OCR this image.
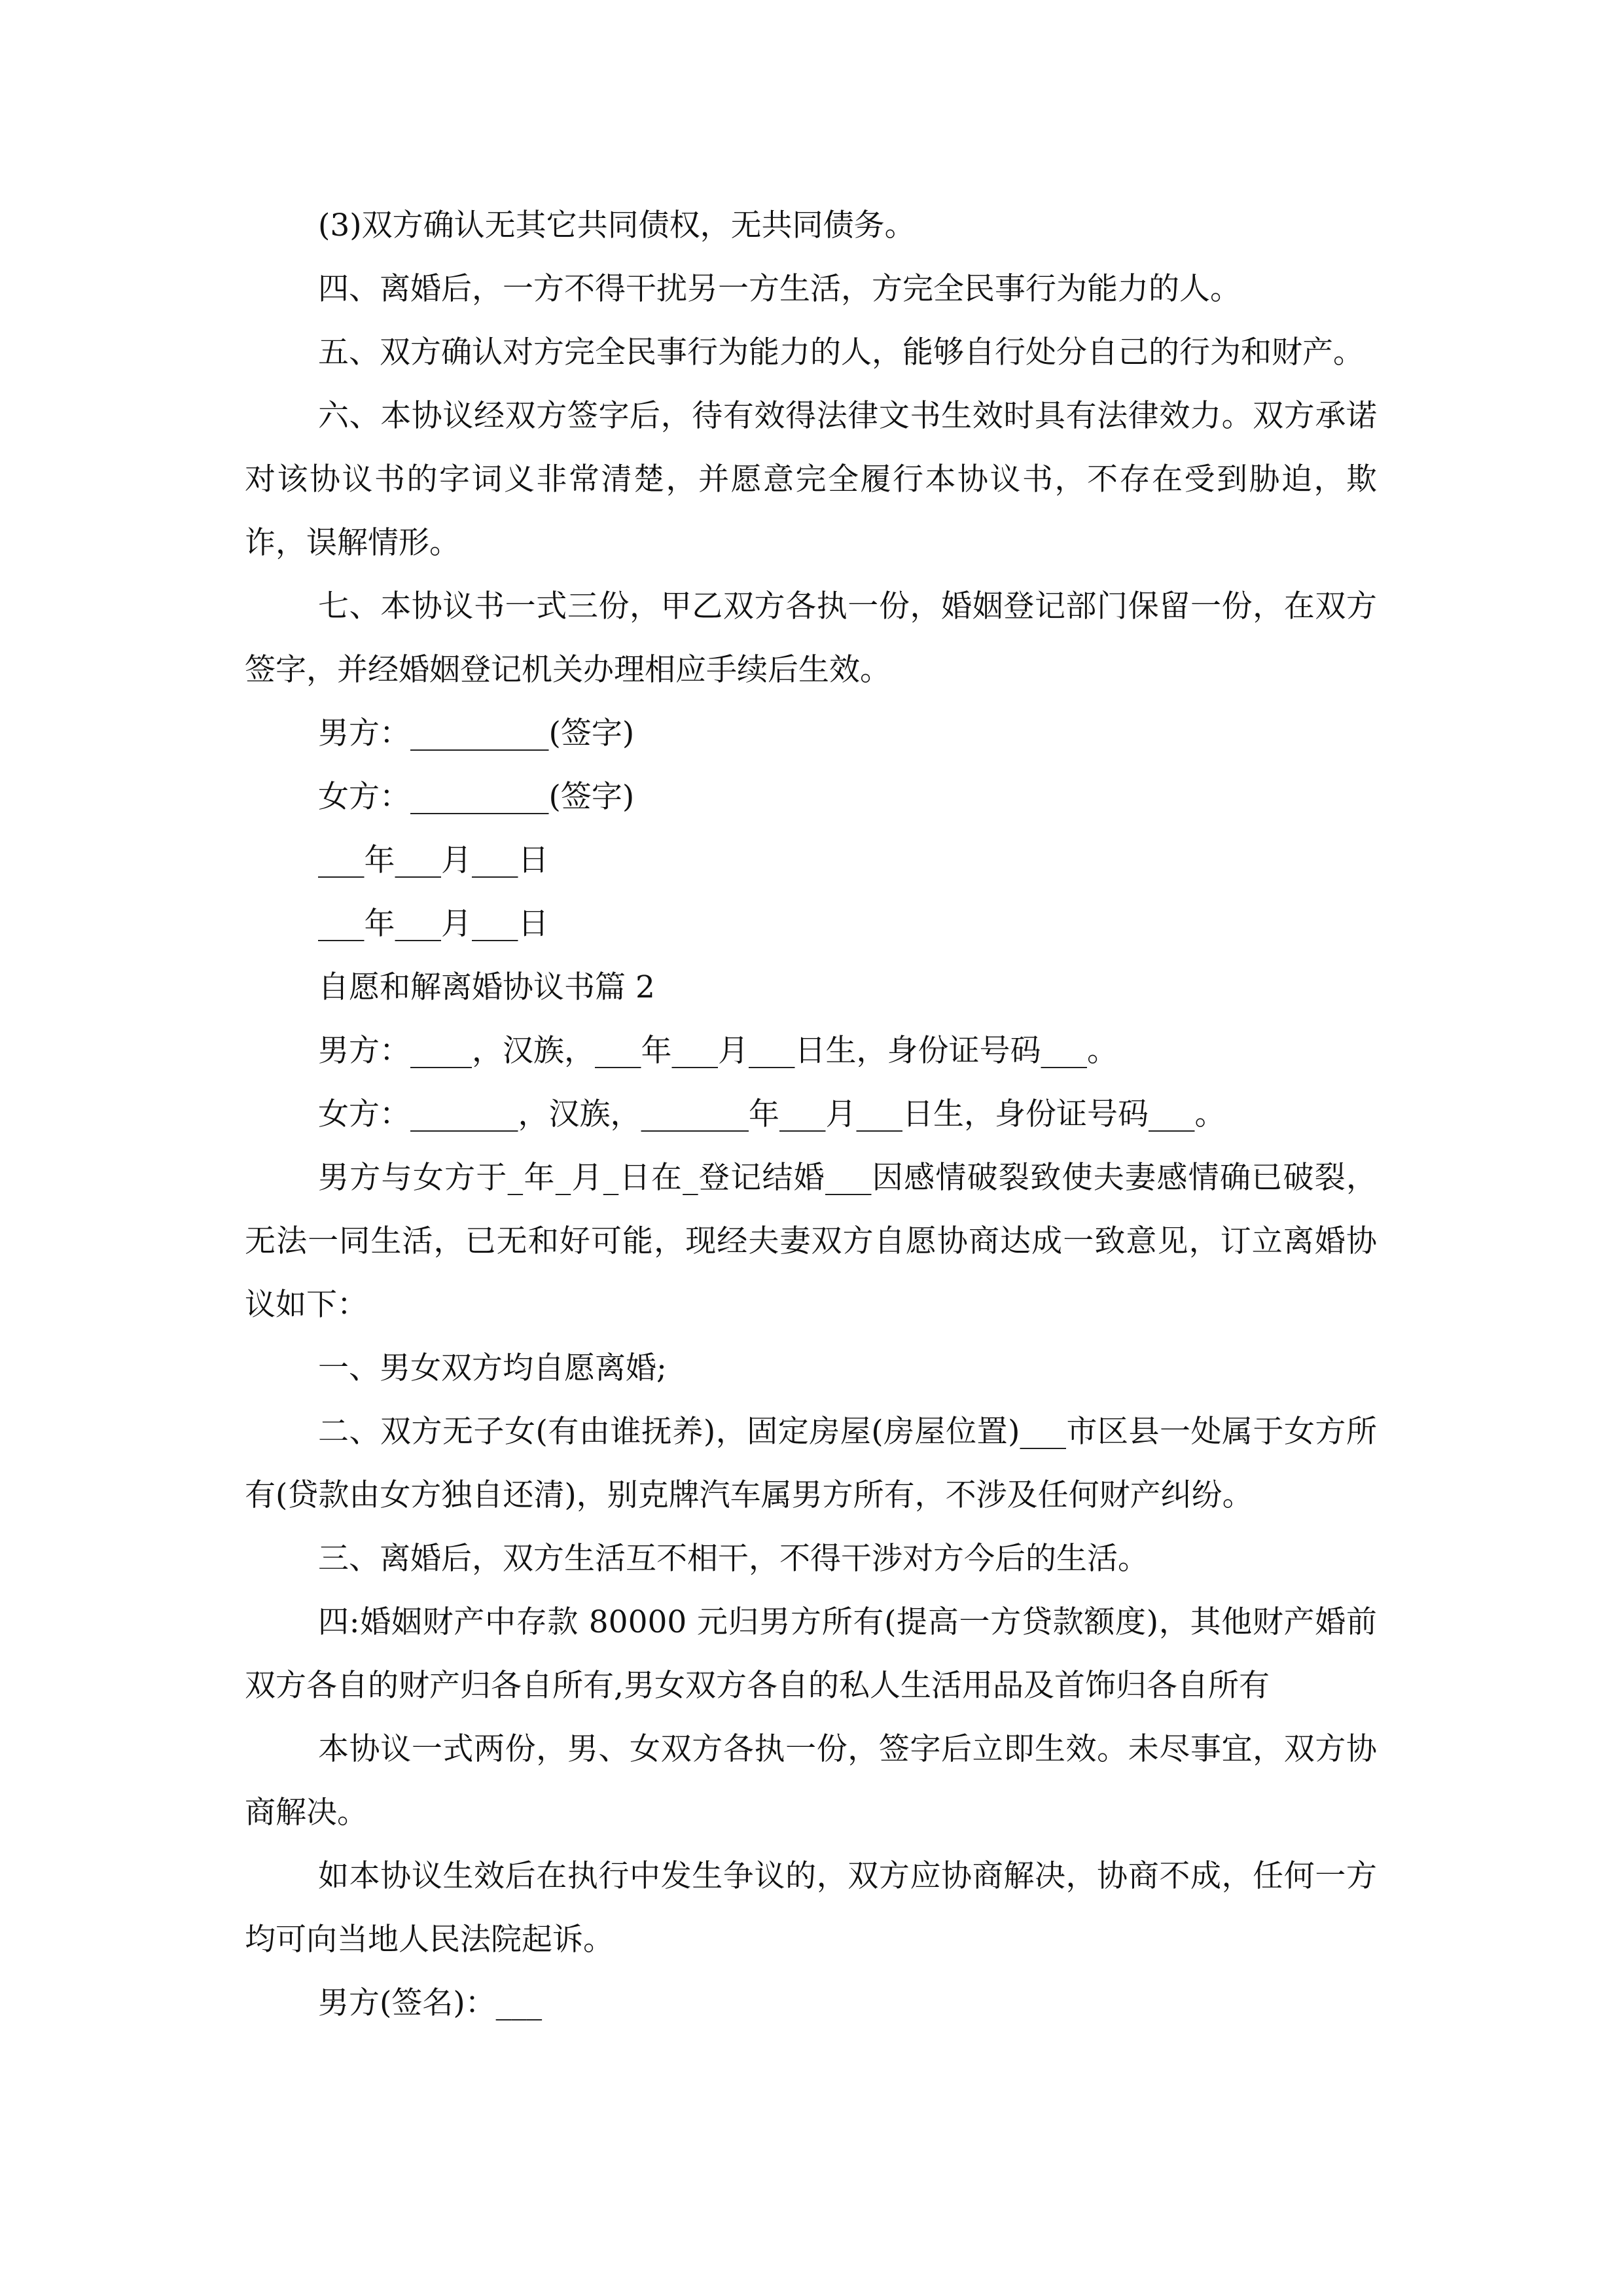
(3)双方确认无其它共同债权，无共同债务。

四、离婚后，一方不得干扰另一方生活，方完全民事行为能力的人。

五、双方确认对方完全民事行为能力的人，能够自行处分自己的行为和财产。

六、本协议经双方签字后，待有效得法律文书生效时具有法律效力。双方承诺对该协议书的字词义非常清楚，并愿意完全履行本协议书，不存在受到胁迫，欺诈，误解情形。

七、本协议书一式三份，甲乙双方各执一份，婚姻登记部门保留一份，在双方签字，并经婚姻登记机关办理相应手续后生效。

男方：_________(签字)

女方：_________(签字)

___年___月___日

___年___月___日

自愿和解离婚协议书篇 2

男方：____，汉族，___年___月___日生，身份证号码___。

女方：_______，汉族，_______年___月___日生，身份证号码___。

男方与女方于_年_月_日在_登记结婚___因感情破裂致使夫妻感情确已破裂，无法一同生活，已无和好可能，现经夫妻双方自愿协商达成一致意见，订立离婚协议如下：

一、男女双方均自愿离婚;

二、双方无子女(有由谁抚养)，固定房屋(房屋位置)___市区县一处属于女方所有(贷款由女方独自还清)，别克牌汽车属男方所有，不涉及任何财产纠纷。

三、离婚后，双方生活互不相干，不得干涉对方今后的生活。

四:婚姻财产中存款 80000 元归男方所有(提高一方贷款额度)，其他财产婚前双方各自的财产归各自所有,男女双方各自的私人生活用品及首饰归各自所有

本协议一式两份，男、女双方各执一份，签字后立即生效。未尽事宜，双方协商解决。

如本协议生效后在执行中发生争议的，双方应协商解决，协商不成，任何一方均可向当地人民法院起诉。

男方(签名)：___
